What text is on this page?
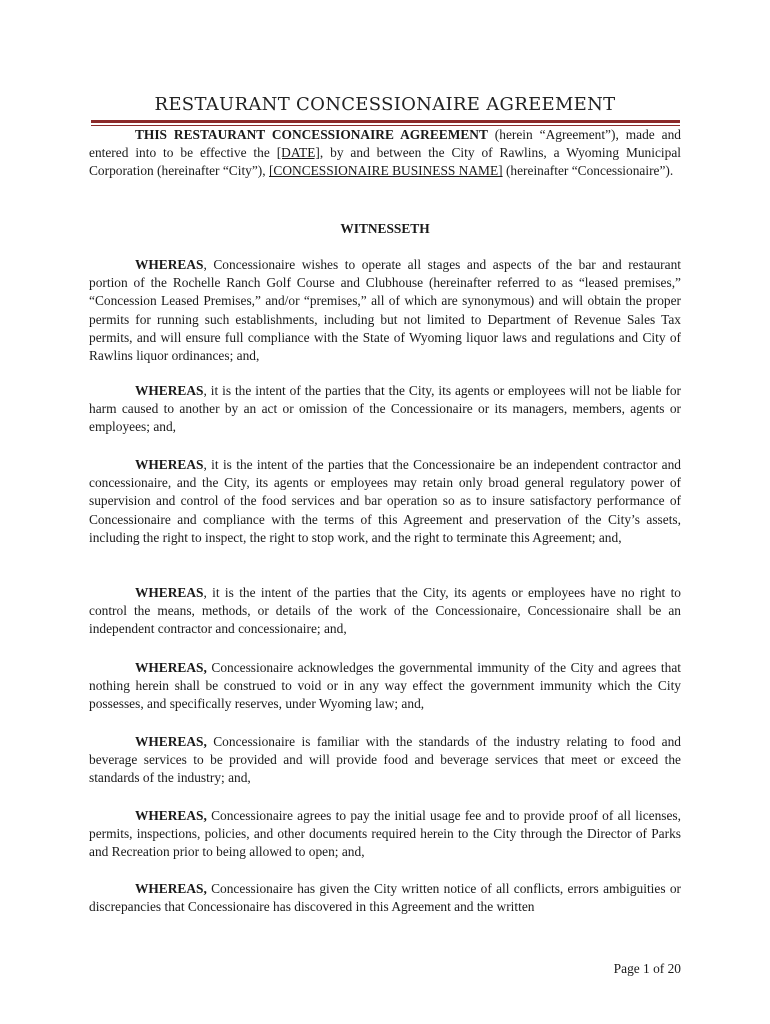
RESTAURANT CONCESSIONAIRE AGREEMENT

THIS RESTAURANT CONCESSIONAIRE AGREEMENT (herein “Agreement”), made and entered into to be effective the [DATE], by and between the City of Rawlins, a Wyoming Municipal Corporation (hereinafter “City”), [CONCESSIONAIRE BUSINESS NAME] (hereinafter “Concessionaire”).

WITNESSETH

WHEREAS, Concessionaire wishes to operate all stages and aspects of the bar and restaurant portion of the Rochelle Ranch Golf Course and Clubhouse (hereinafter referred to as “leased premises,” “Concession Leased Premises,” and/or “premises,” all of which are synonymous) and will obtain the proper permits for running such establishments, including but not limited to Department of Revenue Sales Tax permits, and will ensure full compliance with the State of Wyoming liquor laws and regulations and City of Rawlins liquor ordinances; and,

WHEREAS, it is the intent of the parties that the City, its agents or employees will not be liable for harm caused to another by an act or omission of the Concessionaire or its managers, members, agents or employees; and,

WHEREAS, it is the intent of the parties that the Concessionaire be an independent contractor and concessionaire, and the City, its agents or employees may retain only broad general regulatory power of supervision and control of the food services and bar operation so as to insure satisfactory performance of Concessionaire and compliance with the terms of this Agreement and preservation of the City’s assets, including the right to inspect, the right to stop work, and the right to terminate this Agreement; and,

WHEREAS, it is the intent of the parties that the City, its agents or employees have no right to control the means, methods, or details of the work of the Concessionaire, Concessionaire shall be an independent contractor and concessionaire; and,

WHEREAS, Concessionaire acknowledges the governmental immunity of the City and agrees that nothing herein shall be construed to void or in any way effect the government immunity which the City possesses, and specifically reserves, under Wyoming law; and,

WHEREAS, Concessionaire is familiar with the standards of the industry relating to food and beverage services to be provided and will provide food and beverage services that meet or exceed the standards of the industry; and,

WHEREAS, Concessionaire agrees to pay the initial usage fee and to provide proof of all licenses, permits, inspections, policies, and other documents required herein to the City through the Director of Parks and Recreation prior to being allowed to open; and,

WHEREAS, Concessionaire has given the City written notice of all conflicts, errors ambiguities or discrepancies that Concessionaire has discovered in this Agreement and the written

Page 1 of 20
